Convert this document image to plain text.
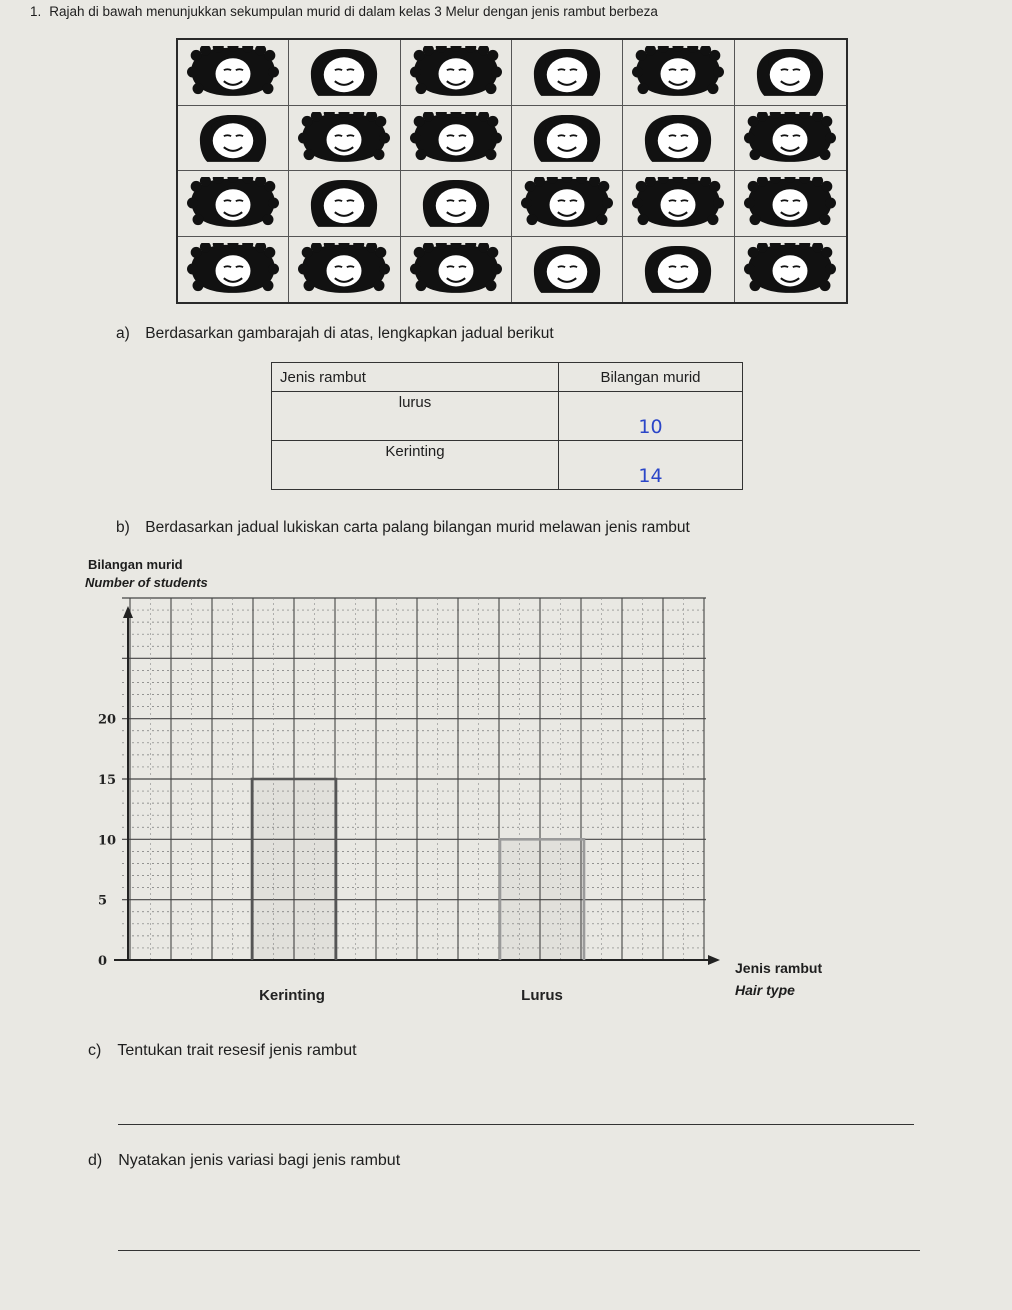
1. Rajah di bawah menunjukkan sekumpulan murid di dalam kelas 3 Melur dengan jenis rambut berbeza
a) Berdasarkan gambarajah di atas, lengkapkan jadual berikut
Jenis rambut	Bilangan murid
lurus	10
Kerinting	14
b) Berdasarkan jadual lukiskan carta palang bilangan murid melawan jenis rambut
Bilangan murid
Number of students
0
5
10
15
20
Kerinting	Lurus
Jenis rambut
Hair type
c) Tentukan trait resesif jenis rambut
d) Nyatakan jenis variasi bagi jenis rambut
